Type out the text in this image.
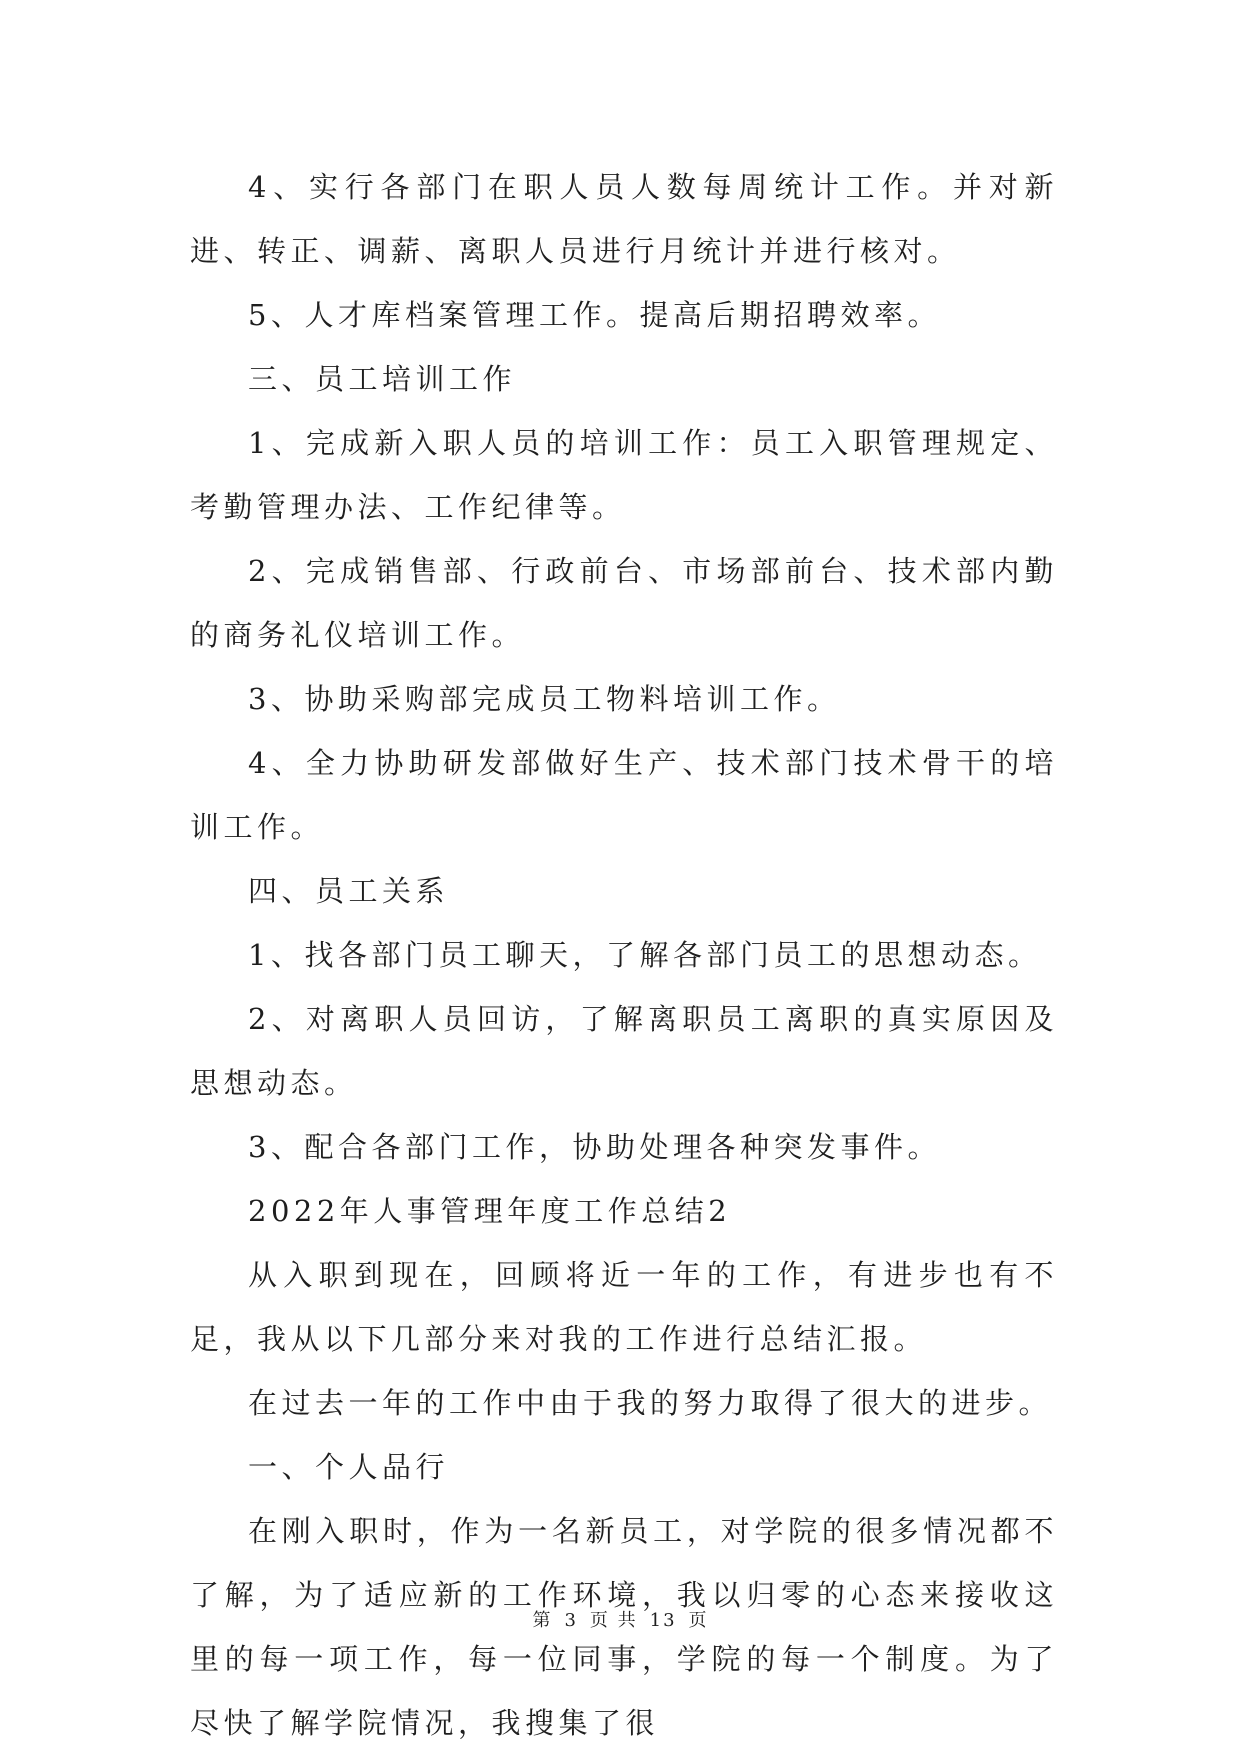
4、实行各部门在职人员人数每周统计工作。并对新进、转正、调薪、离职人员进行月统计并进行核对。

5、人才库档案管理工作。提高后期招聘效率。

三、员工培训工作

1、完成新入职人员的培训工作：员工入职管理规定、考勤管理办法、工作纪律等。

2、完成销售部、行政前台、市场部前台、技术部内勤的商务礼仪培训工作。

3、协助采购部完成员工物料培训工作。

4、全力协助研发部做好生产、技术部门技术骨干的培训工作。

四、员工关系

1、找各部门员工聊天，了解各部门员工的思想动态。

2、对离职人员回访，了解离职员工离职的真实原因及思想动态。

3、配合各部门工作，协助处理各种突发事件。

2022年人事管理年度工作总结2

从入职到现在，回顾将近一年的工作，有进步也有不足，我从以下几部分来对我的工作进行总结汇报。

在过去一年的工作中由于我的努力取得了很大的进步。

一、个人品行

在刚入职时，作为一名新员工，对学院的很多情况都不了解，为了适应新的工作环境，我以归零的心态来接收这里的每一项工作，每一位同事，学院的每一个制度。为了尽快了解学院情况，我搜集了很

第 3 页 共 13 页
